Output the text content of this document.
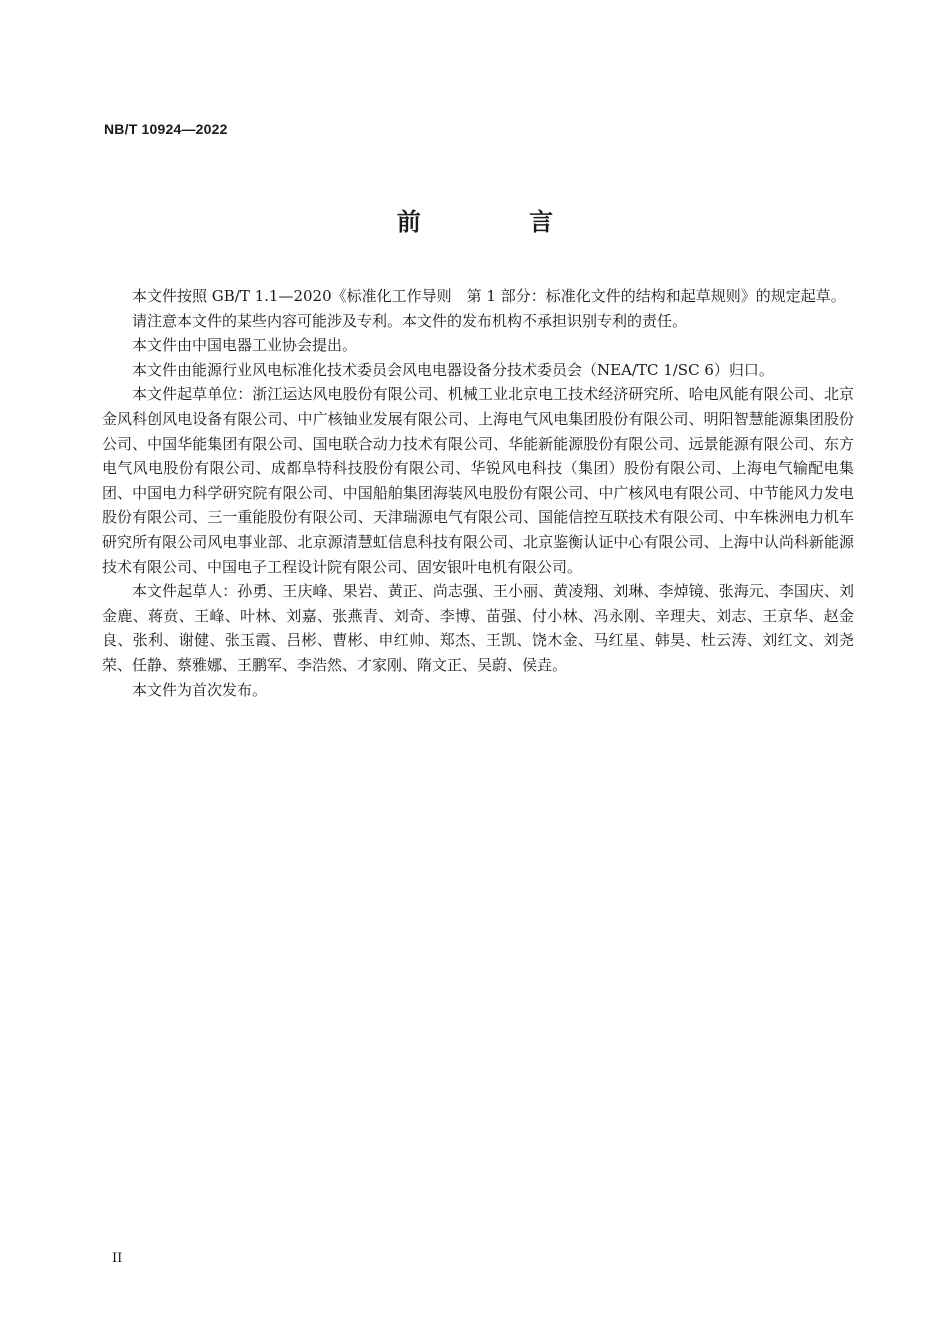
NB/T 10924—2022
前 言

本文件按照 GB/T 1.1—2020《标准化工作导则　第 1 部分：标准化文件的结构和起草规则》的规定起草。

请注意本文件的某些内容可能涉及专利。本文件的发布机构不承担识别专利的责任。

本文件由中国电器工业协会提出。

本文件由能源行业风电标准化技术委员会风电电器设备分技术委员会（NEA/TC 1/SC 6）归口。

本文件起草单位：浙江运达风电股份有限公司、机械工业北京电工技术经济研究所、哈电风能有限公司、北京金风科创风电设备有限公司、中广核铀业发展有限公司、上海电气风电集团股份有限公司、明阳智慧能源集团股份公司、中国华能集团有限公司、国电联合动力技术有限公司、华能新能源股份有限公司、远景能源有限公司、东方电气风电股份有限公司、成都阜特科技股份有限公司、华锐风电科技（集团）股份有限公司、上海电气输配电集团、中国电力科学研究院有限公司、中国船舶集团海装风电股份有限公司、中广核风电有限公司、中节能风力发电股份有限公司、三一重能股份有限公司、天津瑞源电气有限公司、国能信控互联技术有限公司、中车株洲电力机车研究所有限公司风电事业部、北京源清慧虹信息科技有限公司、北京鉴衡认证中心有限公司、上海中认尚科新能源技术有限公司、中国电子工程设计院有限公司、固安银叶电机有限公司。

本文件起草人：孙勇、王庆峰、果岩、黄正、尚志强、王小丽、黄凌翔、刘琳、李焯镜、张海元、李国庆、刘金鹿、蒋贲、王峰、叶林、刘嘉、张燕青、刘奇、李博、苗强、付小林、冯永刚、辛理夫、刘志、王京华、赵金良、张利、谢健、张玉霞、吕彬、曹彬、申红帅、郑杰、王凯、饶木金、马红星、韩昊、杜云涛、刘红文、刘尧荣、任静、蔡雅娜、王鹏军、李浩然、才家刚、隋文正、吴蔚、侯垚。

本文件为首次发布。

II
